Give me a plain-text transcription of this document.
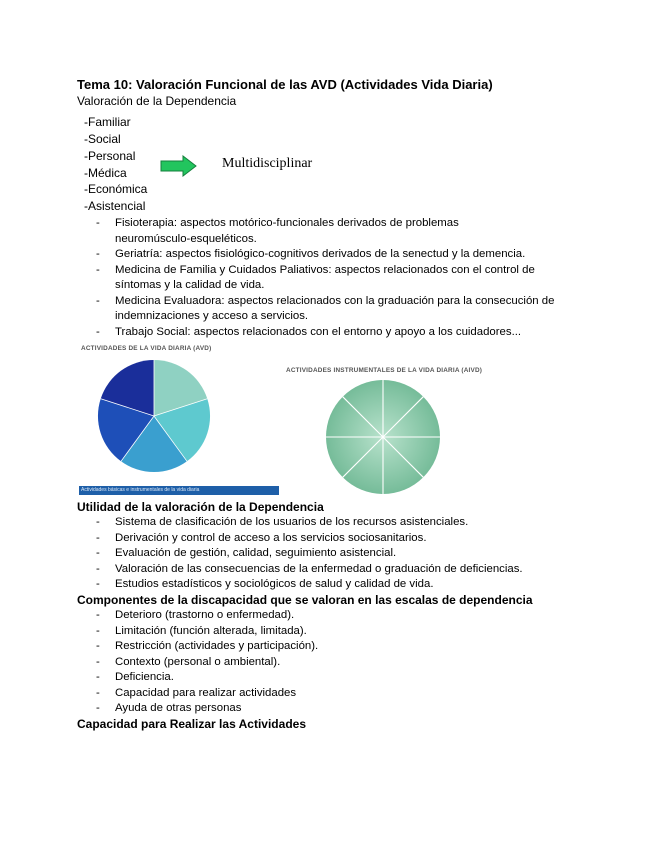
Tema 10: Valoración Funcional de las AVD (Actividades Vida Diaria)
Valoración de la Dependencia
-Familiar
-Social
-Personal
-Médica
-Económica
-Asistencial
Multidisciplinar
- Fisioterapia: aspectos motórico-funcionales derivados de problemas
neuromúsculo-esqueléticos.
- Geriatría: aspectos fisiológico-cognitivos derivados de la senectud y la demencia.
- Medicina de Familia y Cuidados Paliativos: aspectos relacionados con el control de
síntomas y la calidad de vida.
- Medicina Evaluadora: aspectos relacionados con la graduación para la consecución de
indemnizaciones y acceso a servicios.
- Trabajo Social: aspectos relacionados con el entorno y apoyo a los cuidadores...
ACTIVIDADES DE LA VIDA DIARIA (AVD)
Actividades básicas e instrumentales de la vida diaria
ACTIVIDADES INSTRUMENTALES DE LA VIDA DIARIA (AIVD)
Utilidad de la valoración de la Dependencia
- Sistema de clasificación de los usuarios de los recursos asistenciales.
- Derivación y control de acceso a los servicios sociosanitarios.
- Evaluación de gestión, calidad, seguimiento asistencial.
- Valoración de las consecuencias de la enfermedad o graduación de deficiencias.
- Estudios estadísticos y sociológicos de salud y calidad de vida.
Componentes de la discapacidad que se valoran en las escalas de dependencia
- Deterioro (trastorno o enfermedad).
- Limitación (función alterada, limitada).
- Restricción (actividades y participación).
- Contexto (personal o ambiental).
- Deficiencia.
- Capacidad para realizar actividades
- Ayuda de otras personas
Capacidad para Realizar las Actividades
